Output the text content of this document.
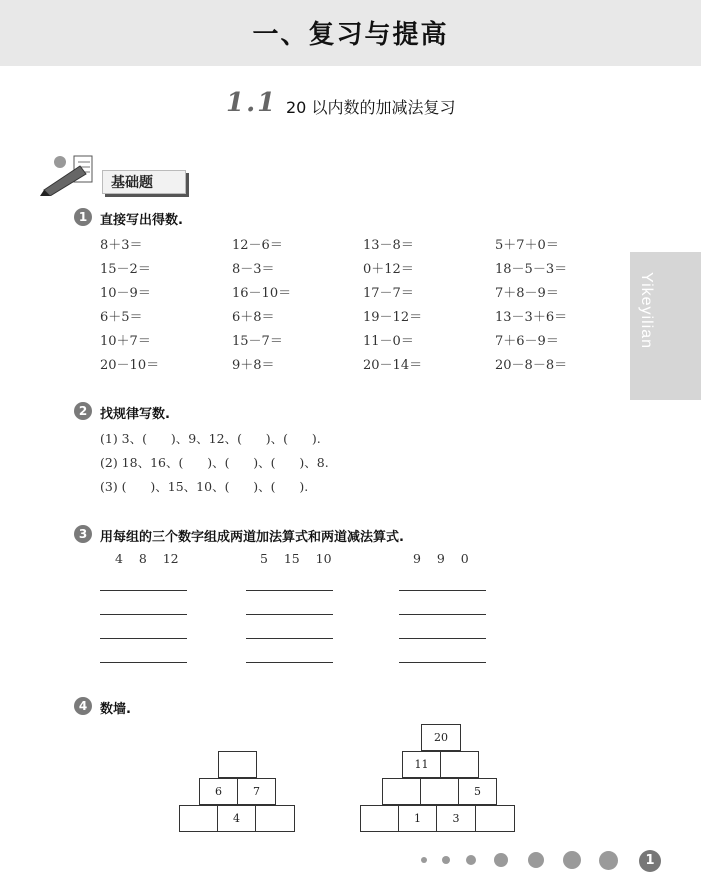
一、复习与提高
1.1 20 以内数的加减法复习
Yikeyilian
基础题
1 直接写出得数.
8＋3＝	12－6＝	13－8＝	5＋7＋0＝
15－2＝	8－3＝	0＋12＝	18－5－3＝
10－9＝	16－10＝	17－7＝	7＋8－9＝
6＋5＝	6＋8＝	19－12＝	13－3＋6＝
10＋7＝	15－7＝	11－0＝	7＋6－9＝
20－10＝	9＋8＝	20－14＝	20－8－8＝
2 找规律写数.
(1) 3、(      )、9、12、(      )、(      ).
(2) 18、16、(      )、(      )、(      )、8.
(3) (      )、15、10、(      )、(      ).
3 用每组的三个数字组成两道加法算式和两道减法算式.
4    8    12	5    15    10	9    9    0
4 数墙.
6	7
4
20
11
5
1	3
1
